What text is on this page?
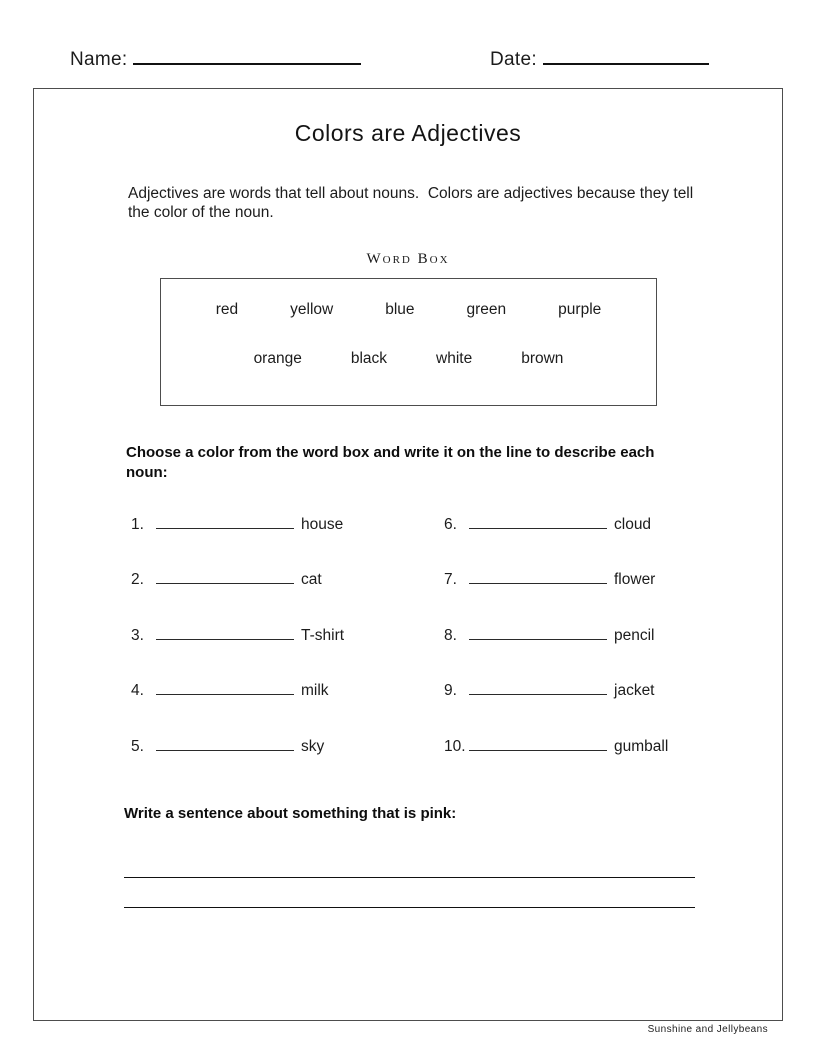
Name:	Date:
Colors are Adjectives
Adjectives are words that tell about nouns.  Colors are adjectives because they tell the color of the noun.
Word Box
red	yellow	blue	green	purple
orange	black	white	brown
Choose a color from the word box and write it on the line to describe each noun:
1.	house
2.	cat
3.	T-shirt
4.	milk
5.	sky
6.	cloud
7.	flower
8.	pencil
9.	jacket
10.	gumball
Write a sentence about something that is pink:
Sunshine and Jellybeans
